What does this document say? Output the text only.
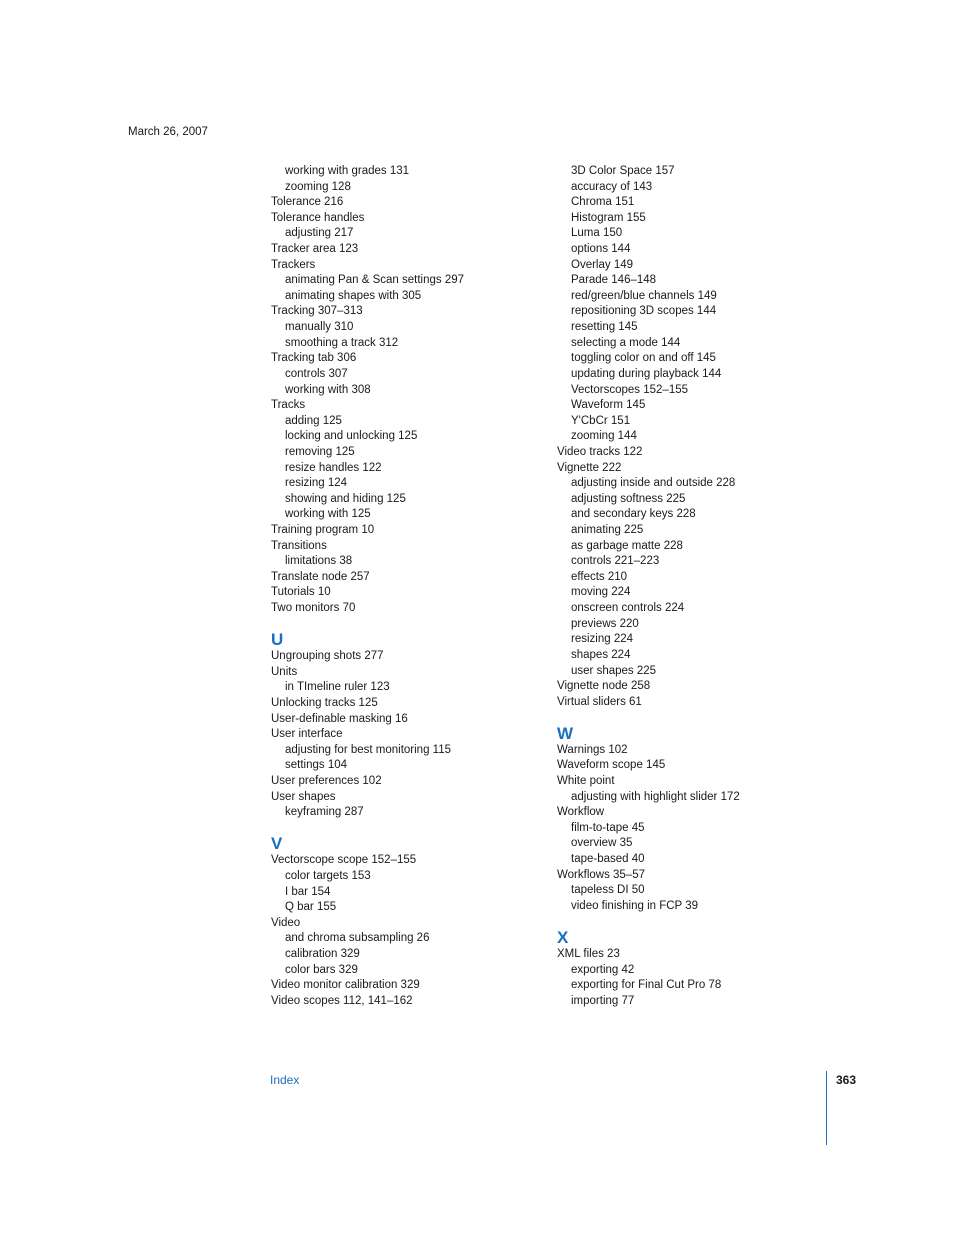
March 26, 2007
working with grades 131
zooming 128
Tolerance 216
Tolerance handles
adjusting 217
Tracker area 123
Trackers
animating Pan & Scan settings 297
animating shapes with 305
Tracking 307–313
manually 310
smoothing a track 312
Tracking tab 306
controls 307
working with 308
Tracks
adding 125
locking and unlocking 125
removing 125
resize handles 122
resizing 124
showing and hiding 125
working with 125
Training program 10
Transitions
limitations 38
Translate node 257
Tutorials 10
Two monitors 70
U
Ungrouping shots 277
Units
in TImeline ruler 123
Unlocking tracks 125
User-definable masking 16
User interface
adjusting for best monitoring 115
settings 104
User preferences 102
User shapes
keyframing 287
V
Vectorscope scope 152–155
color targets 153
I bar 154
Q bar 155
Video
and chroma subsampling 26
calibration 329
color bars 329
Video monitor calibration 329
Video scopes 112, 141–162
3D Color Space 157
accuracy of 143
Chroma 151
Histogram 155
Luma 150
options 144
Overlay 149
Parade 146–148
red/green/blue channels 149
repositioning 3D scopes 144
resetting 145
selecting a mode 144
toggling color on and off 145
updating during playback 144
Vectorscopes 152–155
Waveform 145
Y'CbCr 151
zooming 144
Video tracks 122
Vignette 222
adjusting inside and outside 228
adjusting softness 225
and secondary keys 228
animating 225
as garbage matte 228
controls 221–223
effects 210
moving 224
onscreen controls 224
previews 220
resizing 224
shapes 224
user shapes 225
Vignette node 258
Virtual sliders 61
W
Warnings 102
Waveform scope 145
White point
adjusting with highlight slider 172
Workflow
film-to-tape 45
overview 35
tape-based 40
Workflows 35–57
tapeless DI 50
video finishing in FCP 39
X
XML files 23
exporting 42
exporting for Final Cut Pro 78
importing 77
Index	363
